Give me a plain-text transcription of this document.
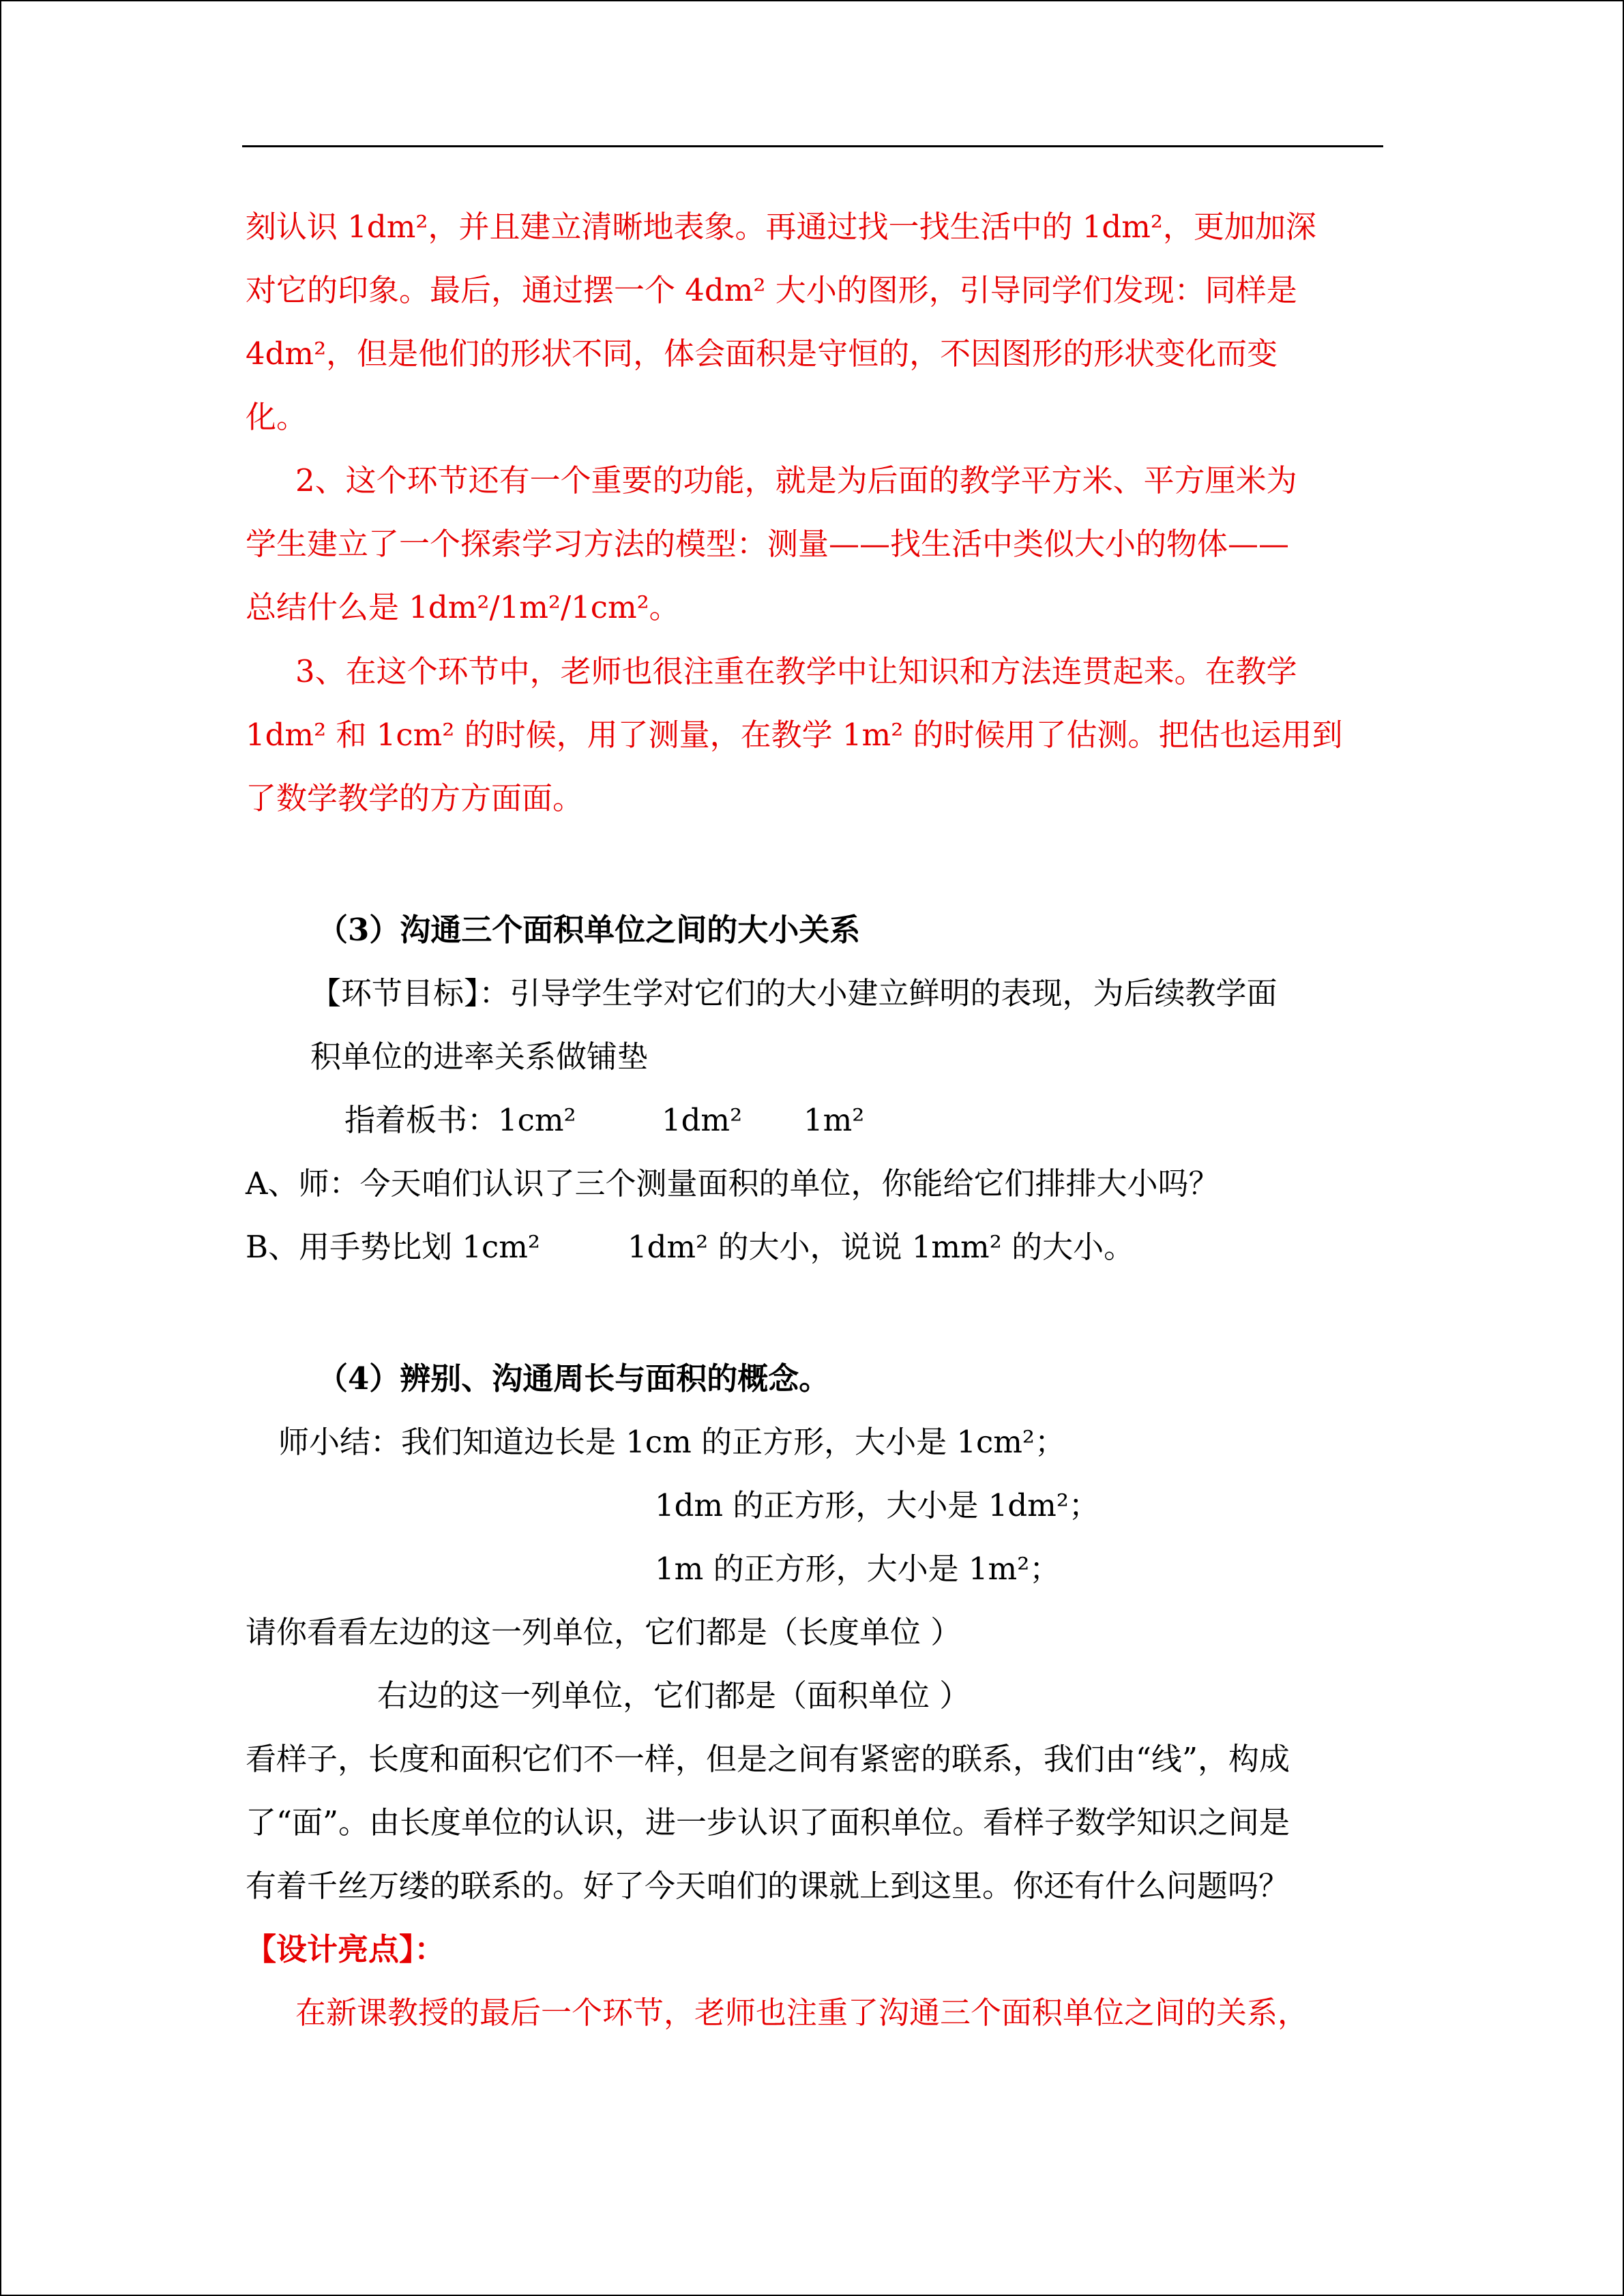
刻认识 1dm²，并且建立清晰地表象。再通过找一找生活中的 1dm²，更加加深
对它的印象。最后，通过摆一个 4dm² 大小的图形，引导同学们发现：同样是
4dm²，但是他们的形状不同，体会面积是守恒的，不因图形的形状变化而变
化。
2、这个环节还有一个重要的功能，就是为后面的教学平方米、平方厘米为
学生建立了一个探索学习方法的模型：测量——找生活中类似大小的物体——
总结什么是 1dm²/1m²/1cm²。
3、在这个环节中，老师也很注重在教学中让知识和方法连贯起来。在教学
1dm² 和 1cm² 的时候，用了测量，在教学 1m² 的时候用了估测。把估也运用到
了数学教学的方方面面。
（3）沟通三个面积单位之间的大小关系
【环节目标】：引导学生学对它们的大小建立鲜明的表现，为后续教学面
积单位的进率关系做铺垫
指着板书：1cm²	1dm² 1m²
A、师：今天咱们认识了三个测量面积的单位，你能给它们排排大小吗？
B、用手势比划 1cm²	1dm² 的大小，说说 1mm² 的大小。
（4）辨别、沟通周长与面积的概念。
师小结：我们知道边长是 1cm 的正方形，大小是 1cm²；
1dm 的正方形，大小是 1dm²；
1m 的正方形，大小是 1m²；
请你看看左边的这一列单位，它们都是（长度单位 ）
右边的这一列单位，它们都是（面积单位 ）
看样子，长度和面积它们不一样，但是之间有紧密的联系，我们由“线”，构成
了“面”。由长度单位的认识，进一步认识了面积单位。看样子数学知识之间是
有着千丝万缕的联系的。好了今天咱们的课就上到这里。你还有什么问题吗？
【设计亮点】：
在新课教授的最后一个环节，老师也注重了沟通三个面积单位之间的关系，
